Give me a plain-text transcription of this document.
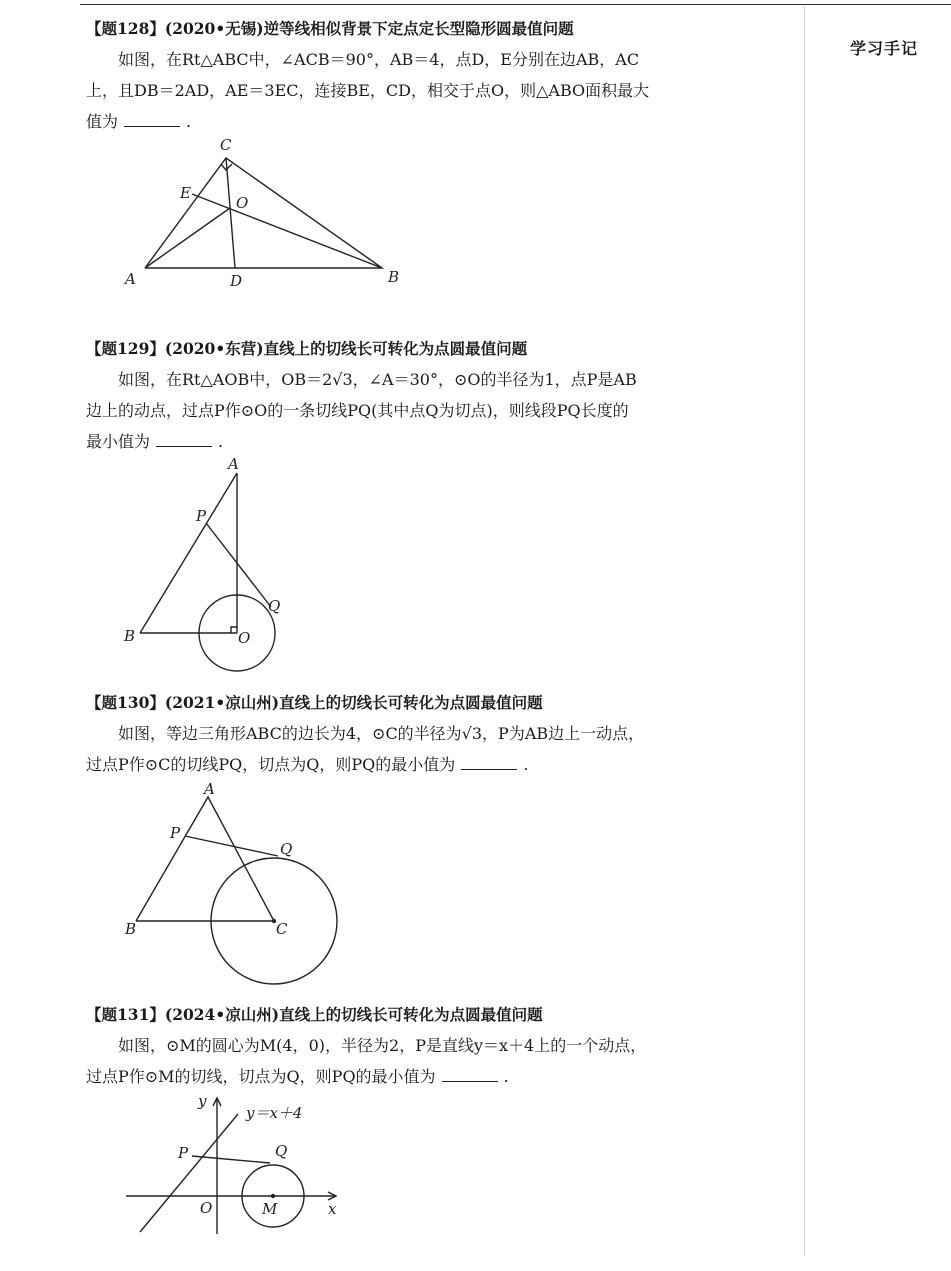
学习手记
【题128】(2020•无锡)逆等线相似背景下定点定长型隐形圆最值问题

如图，在Rt△ABC中，∠ACB＝90°，AB＝4，点D，E分别在边AB，AC

上，且DB＝2AD，AE＝3EC，连接BE，CD，相交于点O，则△ABO面积最大

值为	.

C
E
O
A	D	B
【题129】(2020•东营)直线上的切线长可转化为点圆最值问题

如图，在Rt△AOB中，OB＝2√3，∠A＝30°，⊙O的半径为1，点P是AB

边上的动点，过点P作⊙O的一条切线PQ(其中点Q为切点)，则线段PQ长度的

最小值为	.

A
P
Q
B	O
【题130】(2021•凉山州)直线上的切线长可转化为点圆最值问题

如图，等边三角形ABC的边长为4，⊙C的半径为√3，P为AB边上一动点，

过点P作⊙C的切线PQ，切点为Q，则PQ的最小值为	.

A
P
Q
B	C
【题131】(2024•凉山州)直线上的切线长可转化为点圆最值问题

如图，⊙M的圆心为M(4，0)，半径为2，P是直线y＝x＋4上的一个动点，

过点P作⊙M的切线，切点为Q，则PQ的最小值为	.

y
y＝x＋4
P	Q
O	M	x
